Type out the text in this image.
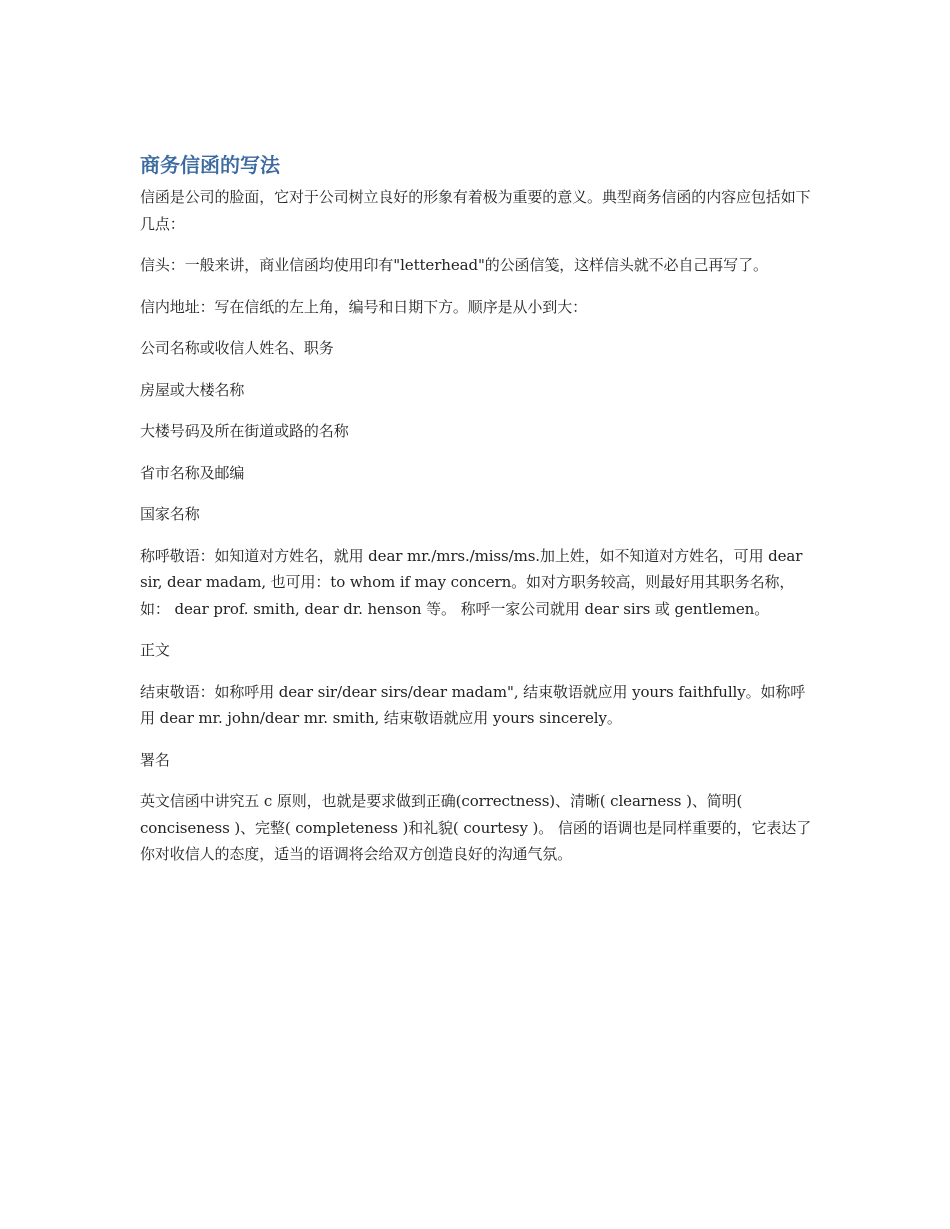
商务信函的写法

信函是公司的脸面，它对于公司树立良好的形象有着极为重要的意义。典型商务信函的内容应包括如下几点：

信头：一般来讲，商业信函均使用印有"letterhead"的公函信笺，这样信头就不必自己再写了。

信内地址：写在信纸的左上角，编号和日期下方。顺序是从小到大：

公司名称或收信人姓名、职务

房屋或大楼名称

大楼号码及所在街道或路的名称

省市名称及邮编

国家名称

称呼敬语：如知道对方姓名，就用 dear mr./mrs./miss/ms.加上姓，如不知道对方姓名，可用 dear sir, dear madam, 也可用：to whom if may concern。如对方职务较高，则最好用其职务名称，如： dear prof. smith, dear dr. henson 等。 称呼一家公司就用 dear sirs 或 gentlemen。

正文

结束敬语：如称呼用 dear sir/dear sirs/dear madam", 结束敬语就应用 yours faithfully。如称呼用 dear mr. john/dear mr. smith, 结束敬语就应用 yours sincerely。

署名

英文信函中讲究五 c 原则，也就是要求做到正确(correctness)、清晰( clearness )、简明( conciseness )、完整( completeness )和礼貌( courtesy )。 信函的语调也是同样重要的，它表达了你对收信人的态度，适当的语调将会给双方创造良好的沟通气氛。
